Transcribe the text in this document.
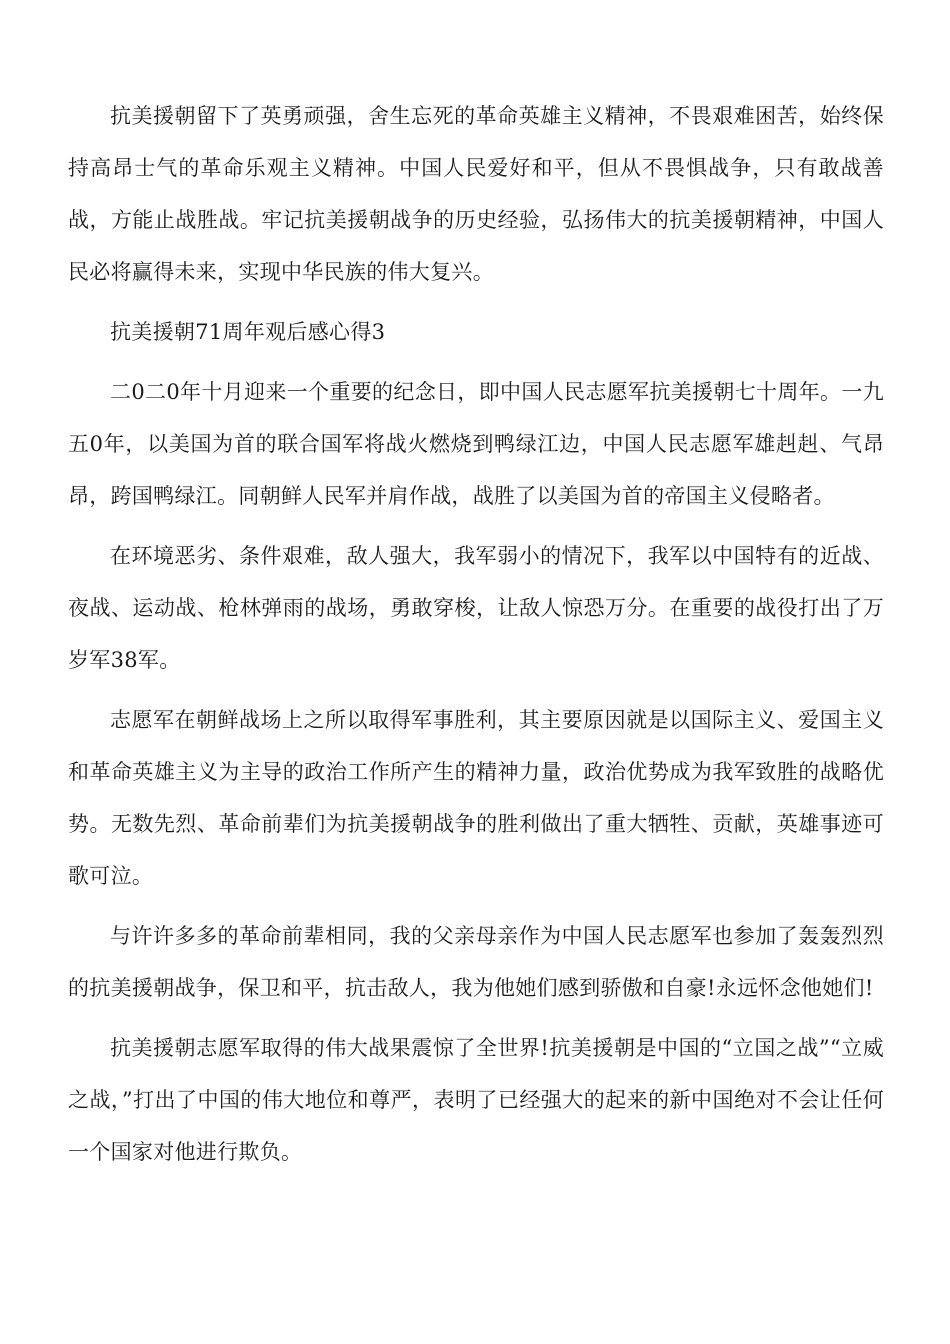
抗美援朝留下了英勇顽强，舍生忘死的革命英雄主义精神，不畏艰难困苦，始终保持高昂士气的革命乐观主义精神。中国人民爱好和平，但从不畏惧战争，只有敢战善战，方能止战胜战。牢记抗美援朝战争的历史经验，弘扬伟大的抗美援朝精神，中国人民必将赢得未来，实现中华民族的伟大复兴。

抗美援朝71周年观后感心得3

二0二0年十月迎来一个重要的纪念日，即中国人民志愿军抗美援朝七十周年。一九五0年，以美国为首的联合国军将战火燃烧到鸭绿江边，中国人民志愿军雄赳赳、气昂昂，跨国鸭绿江。同朝鲜人民军并肩作战，战胜了以美国为首的帝国主义侵略者。

在环境恶劣、条件艰难，敌人强大，我军弱小的情况下，我军以中国特有的近战、夜战、运动战、枪林弹雨的战场，勇敢穿梭，让敌人惊恐万分。在重要的战役打出了万岁军38军。

志愿军在朝鲜战场上之所以取得军事胜利，其主要原因就是以国际主义、爱国主义和革命英雄主义为主导的政治工作所产生的精神力量，政治优势成为我军致胜的战略优势。无数先烈、革命前辈们为抗美援朝战争的胜利做出了重大牺牲、贡献，英雄事迹可歌可泣。

与许许多多的革命前辈相同，我的父亲母亲作为中国人民志愿军也参加了轰轰烈烈的抗美援朝战争，保卫和平，抗击敌人，我为他她们感到骄傲和自豪!永远怀念他她们!

抗美援朝志愿军取得的伟大战果震惊了全世界!抗美援朝是中国的“立国之战”“立威之战，”打出了中国的伟大地位和尊严，表明了已经强大的起来的新中国绝对不会让任何一个国家对他进行欺负。
